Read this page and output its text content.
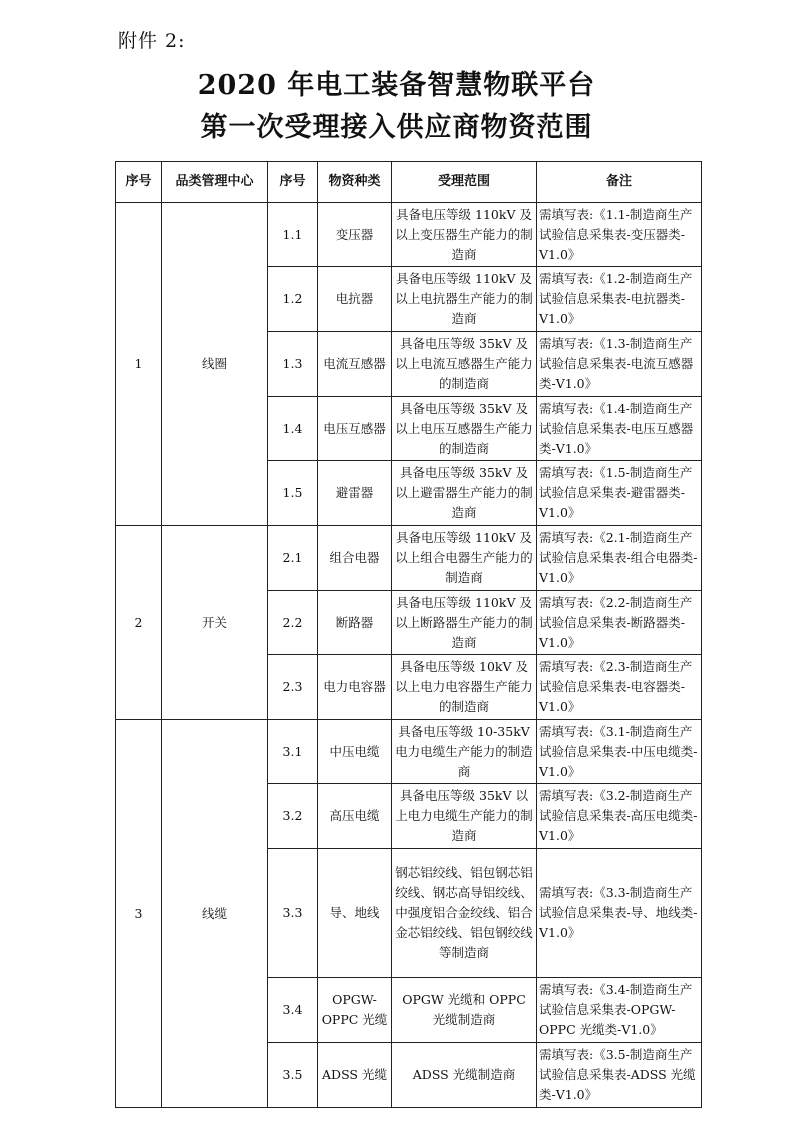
附件 2:
2020 年电工装备智慧物联平台
第一次受理接入供应商物资范围
序号	品类管理中心	序号	物资种类	受理范围	备注
1	线圈	1.1	变压器	具备电压等级 110kV 及以上变压器生产能力的制造商	需填写表:《1.1-制造商生产试验信息采集表-变压器类-V1.0》
		1.2	电抗器	具备电压等级 110kV 及以上电抗器生产能力的制造商	需填写表:《1.2-制造商生产试验信息采集表-电抗器类-V1.0》
		1.3	电流互感器	具备电压等级 35kV 及以上电流互感器生产能力的制造商	需填写表:《1.3-制造商生产试验信息采集表-电流互感器类-V1.0》
		1.4	电压互感器	具备电压等级 35kV 及以上电压互感器生产能力的制造商	需填写表:《1.4-制造商生产试验信息采集表-电压互感器类-V1.0》
		1.5	避雷器	具备电压等级 35kV 及以上避雷器生产能力的制造商	需填写表:《1.5-制造商生产试验信息采集表-避雷器类-V1.0》
2	开关	2.1	组合电器	具备电压等级 110kV 及以上组合电器生产能力的制造商	需填写表:《2.1-制造商生产试验信息采集表-组合电器类-V1.0》
		2.2	断路器	具备电压等级 110kV 及以上断路器生产能力的制造商	需填写表:《2.2-制造商生产试验信息采集表-断路器类-V1.0》
		2.3	电力电容器	具备电压等级 10kV 及以上电力电容器生产能力的制造商	需填写表:《2.3-制造商生产试验信息采集表-电容器类-V1.0》
3	线缆	3.1	中压电缆	具备电压等级 10-35kV 电力电缆生产能力的制造商	需填写表:《3.1-制造商生产试验信息采集表-中压电缆类-V1.0》
		3.2	高压电缆	具备电压等级 35kV 以上电力电缆生产能力的制造商	需填写表:《3.2-制造商生产试验信息采集表-高压电缆类-V1.0》
		3.3	导、地线	钢芯铝绞线、铝包钢芯铝绞线、钢芯高导铝绞线、中强度铝合金绞线、铝合金芯铝绞线、铝包钢绞线等制造商	需填写表:《3.3-制造商生产试验信息采集表-导、地线类-V1.0》
		3.4	OPGW-OPPC 光缆	OPGW 光缆和 OPPC 光缆制造商	需填写表:《3.4-制造商生产试验信息采集表-OPGW-OPPC 光缆类-V1.0》
		3.5	ADSS 光缆	ADSS 光缆制造商	需填写表:《3.5-制造商生产试验信息采集表-ADSS 光缆类-V1.0》
